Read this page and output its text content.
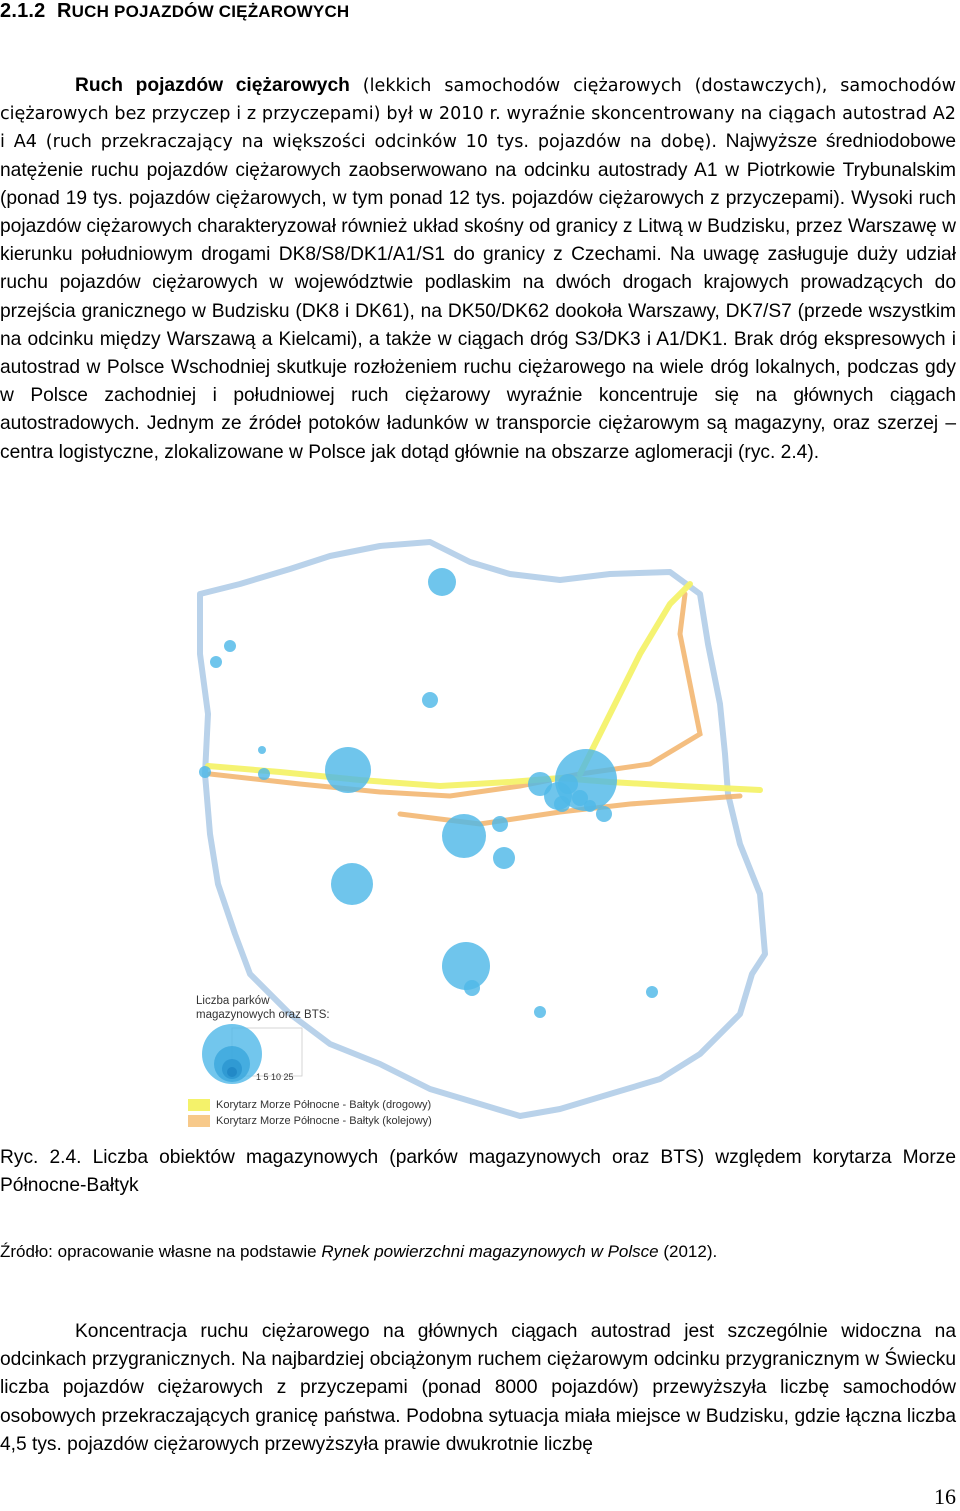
2.1.2 RUCH POJAZDÓW CIĘŻAROWYCH

Ruch pojazdów ciężarowych (lekkich samochodów ciężarowych (dostawczych), samochodów ciężarowych bez przyczep i z przyczepami) był w 2010 r. wyraźnie skoncentrowany na ciągach autostrad A2 i A4 (ruch przekraczający na większości odcinków 10 tys. pojazdów na dobę). Najwyższe średniodobowe natężenie ruchu pojazdów ciężarowych zaobserwowano na odcinku autostrady A1 w Piotrkowie Trybunalskim (ponad 19 tys. pojazdów ciężarowych, w tym ponad 12 tys. pojazdów ciężarowych z przyczepami). Wysoki ruch pojazdów ciężarowych charakteryzował również układ skośny od granicy z Litwą w Budzisku, przez Warszawę w kierunku południowym drogami DK8/S8/DK1/A1/S1 do granicy z Czechami. Na uwagę zasługuje duży udział ruchu pojazdów ciężarowych w województwie podlaskim na dwóch drogach krajowych prowadzących do przejścia granicznego w Budzisku (DK8 i DK61), na DK50/DK62 dookoła Warszawy, DK7/S7 (przede wszystkim na odcinku między Warszawą a Kielcami), a także w ciągach dróg S3/DK3 i A1/DK1. Brak dróg ekspresowych i autostrad w Polsce Wschodniej skutkuje rozłożeniem ruchu ciężarowego na wiele dróg lokalnych, podczas gdy w Polsce zachodniej i południowej ruch ciężarowy wyraźnie koncentruje się na głównych ciągach autostradowych. Jednym ze źródeł potoków ładunków w transporcie ciężarowym są magazyny, oraz szerzej – centra logistyczne, zlokalizowane w Polsce jak dotąd głównie na obszarze aglomeracji (ryc. 2.4).

Liczba parków magazynowych oraz BTS:
1 5 10 25
Korytarz Morze Północne - Bałtyk (drogowy)
Korytarz Morze Północne - Bałtyk (kolejowy)
Ryc. 2.4. Liczba obiektów magazynowych (parków magazynowych oraz BTS) względem korytarza Morze Północne-Bałtyk
Źródło: opracowanie własne na podstawie Rynek powierzchni magazynowych w Polsce (2012).

Koncentracja ruchu ciężarowego na głównych ciągach autostrad jest szczególnie widoczna na odcinkach przygranicznych. Na najbardziej obciążonym ruchem ciężarowym odcinku przygranicznym w Świecku liczba pojazdów ciężarowych z przyczepami (ponad 8000 pojazdów) przewyższyła liczbę samochodów osobowych przekraczających granicę państwa. Podobna sytuacja miała miejsce w Budzisku, gdzie łączna liczba 4,5 tys. pojazdów ciężarowych przewyższyła prawie dwukrotnie liczbę

16
